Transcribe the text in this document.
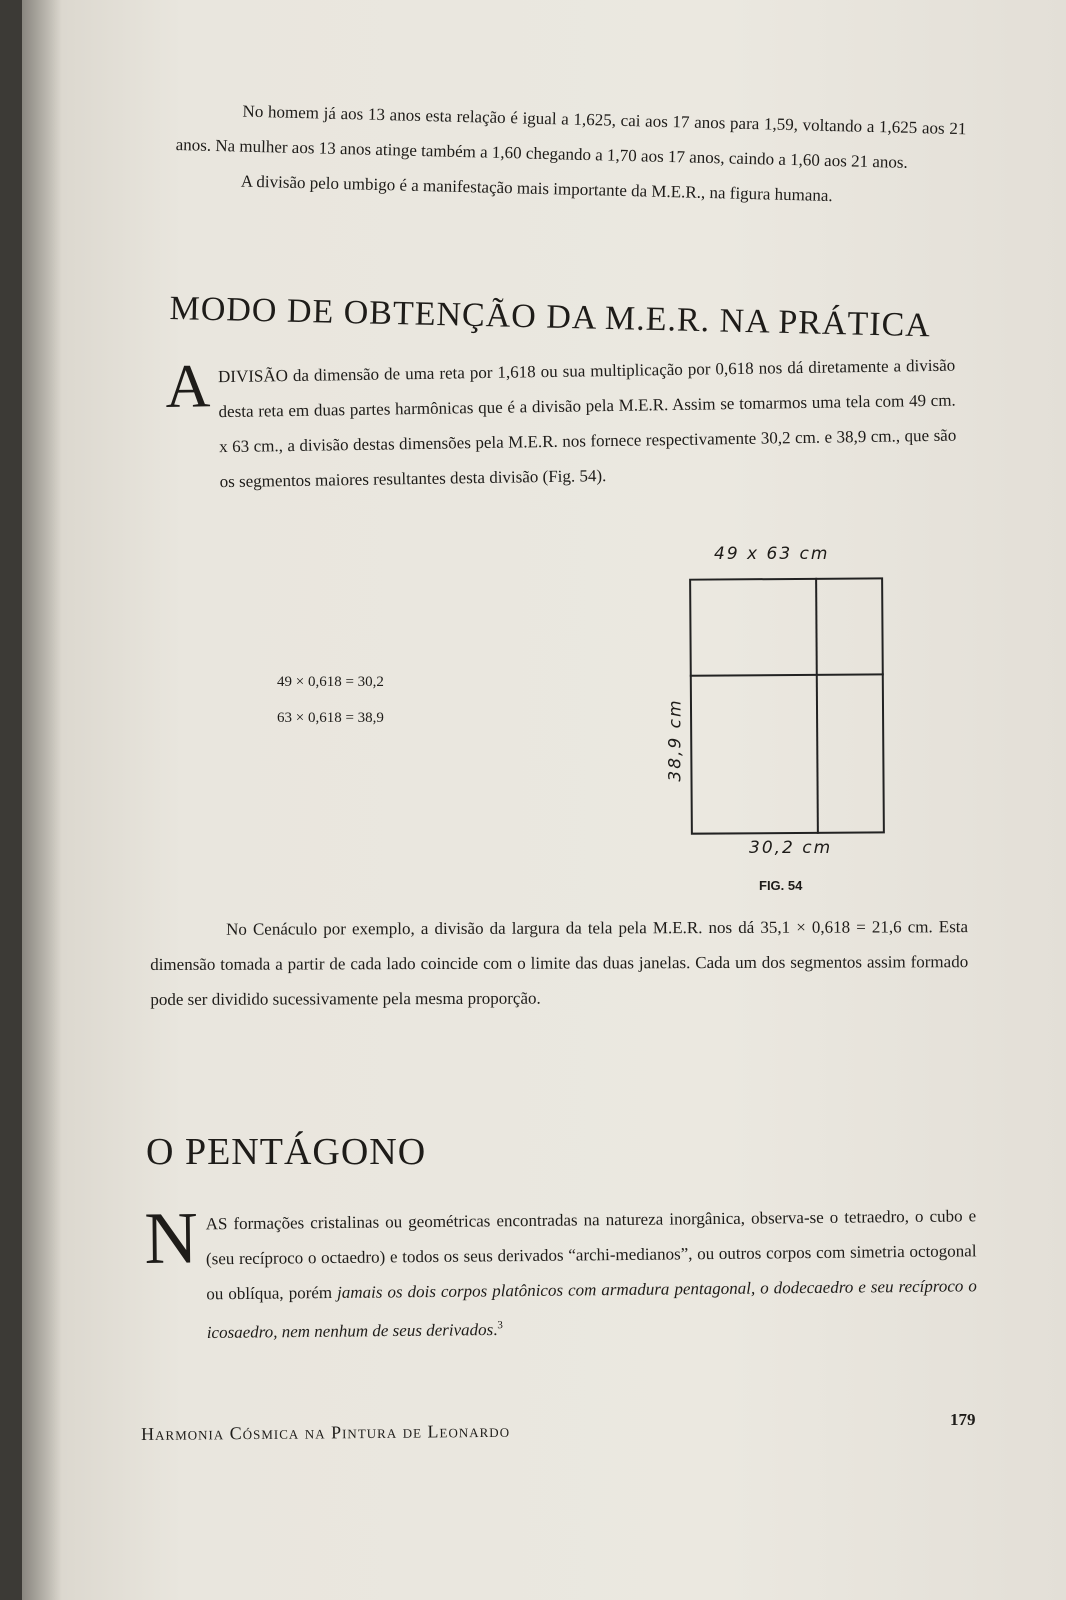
No homem já aos 13 anos esta relação é igual a 1,625, cai aos 17 anos para 1,59, voltando a 1,625 aos 21 anos. Na mulher aos 13 anos atinge também a 1,60 chegando a 1,70 aos 17 anos, caindo a 1,60 aos 21 anos.

A divisão pelo umbigo é a manifestação mais importante da M.E.R., na figura humana.

MODO DE OBTENÇÃO DA M.E.R. NA PRÁTICA
A DIVISÃO da dimensão de uma reta por 1,618 ou sua multiplicação por 0,618 nos dá diretamente a divisão desta reta em duas partes harmônicas que é a divisão pela M.E.R. Assim se tomarmos uma tela com 49 cm. x 63 cm., a divisão destas dimensões pela M.E.R. nos fornece respectivamente 30,2 cm. e 38,9 cm., que são os segmentos maiores resultantes desta divisão (Fig. 54).

49 × 0,618 = 30,2
63 × 0,618 = 38,9
49 x 63 cm
38,9 cm
30,2 cm
FIG. 54

No Cenáculo por exemplo, a divisão da largura da tela pela M.E.R. nos dá 35,1 × 0,618 = 21,6 cm. Esta dimensão tomada a partir de cada lado coincide com o limite das duas janelas. Cada um dos segmentos assim formado pode ser dividido sucessivamente pela mesma proporção.

O PENTÁGONO
N AS formações cristalinas ou geométricas encontradas na natureza inorgânica, observa-se o tetraedro, o cubo e (seu recíproco o octaedro) e todos os seus derivados “archi-medianos”, ou outros corpos com simetria octogonal ou oblíqua, porém jamais os dois corpos platônicos com armadura pentagonal, o dodecaedro e seu recíproco o icosaedro, nem nenhum de seus derivados.$^3$

Harmonia Cósmica na Pintura de Leonardo
179
